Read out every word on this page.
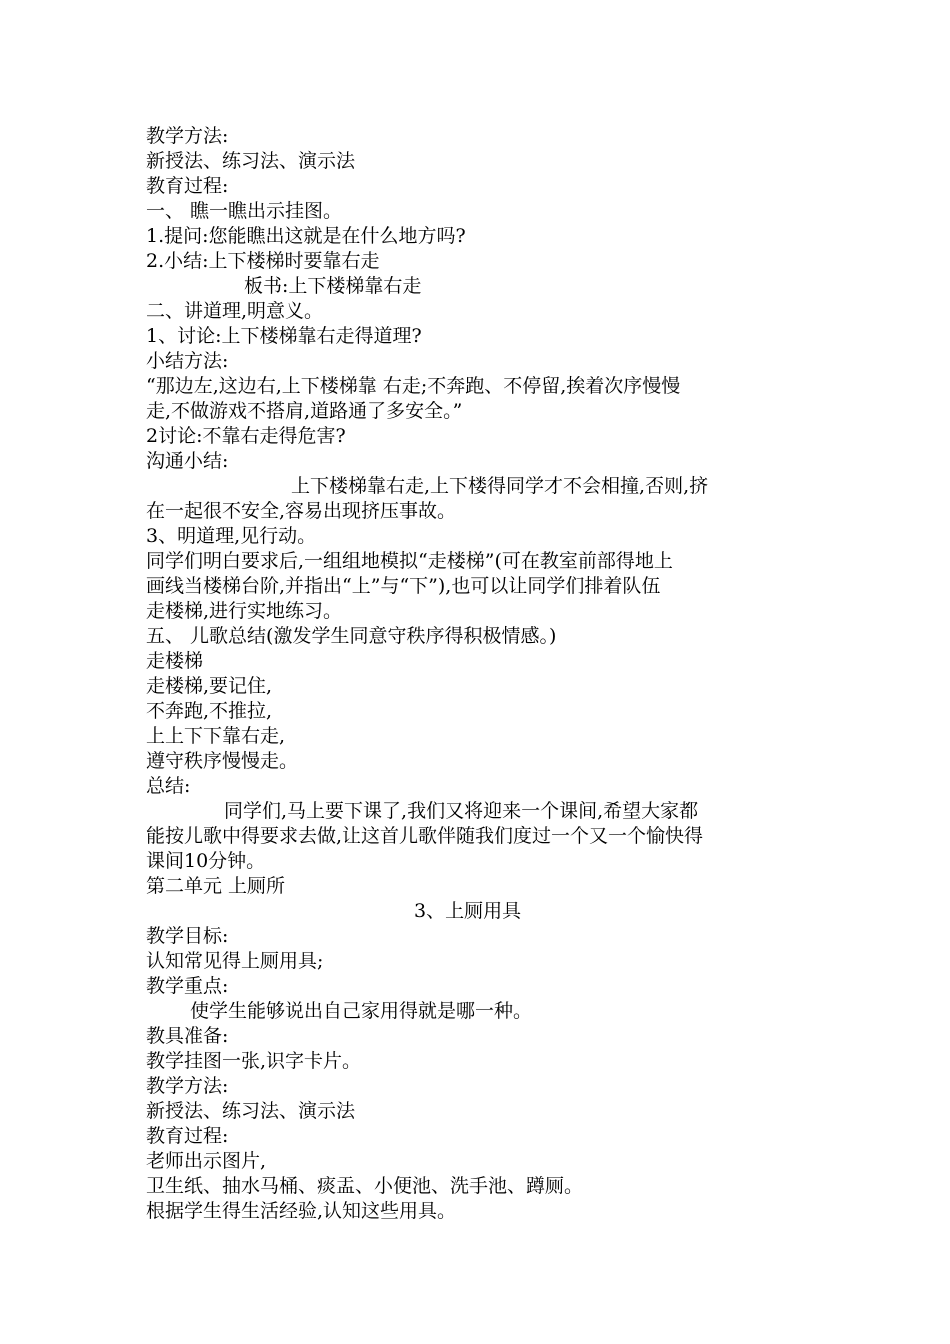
教学方法:
新授法、练习法、演示法
教育过程:
一、 瞧一瞧出示挂图。
1.提问:您能瞧出这就是在什么地方吗?
2.小结:上下楼梯时要靠右走
板书:上下楼梯靠右走
二、讲道理,明意义。
1、讨论:上下楼梯靠右走得道理?
小结方法:
“那边左,这边右,上下楼梯靠 右走;不奔跑、不停留,挨着次序慢慢
走,不做游戏不搭肩,道路通了多安全。”
2讨论:不靠右走得危害?
沟通小结:
上下楼梯靠右走,上下楼得同学才不会相撞,否则,挤
在一起很不安全,容易出现挤压事故。
3、明道理,见行动。
同学们明白要求后,一组组地模拟“走楼梯”(可在教室前部得地上
画线当楼梯台阶,并指出“上”与“下”),也可以让同学们排着队伍
走楼梯,进行实地练习。
五、 儿歌总结(激发学生同意守秩序得积极情感。)
走楼梯
走楼梯,要记住,
不奔跑,不推拉,
上上下下靠右走,
遵守秩序慢慢走。
总结:
同学们,马上要下课了,我们又将迎来一个课间,希望大家都
能按儿歌中得要求去做,让这首儿歌伴随我们度过一个又一个愉快得
课间10分钟。
第二单元 上厕所
3、上厕用具
教学目标:
认知常见得上厕用具;
教学重点:
使学生能够说出自己家用得就是哪一种。
教具准备:
教学挂图一张,识字卡片。
教学方法:
新授法、练习法、演示法
教育过程:
老师出示图片,
卫生纸、抽水马桶、痰盂、小便池、洗手池、蹲厕。
根据学生得生活经验,认知这些用具。
